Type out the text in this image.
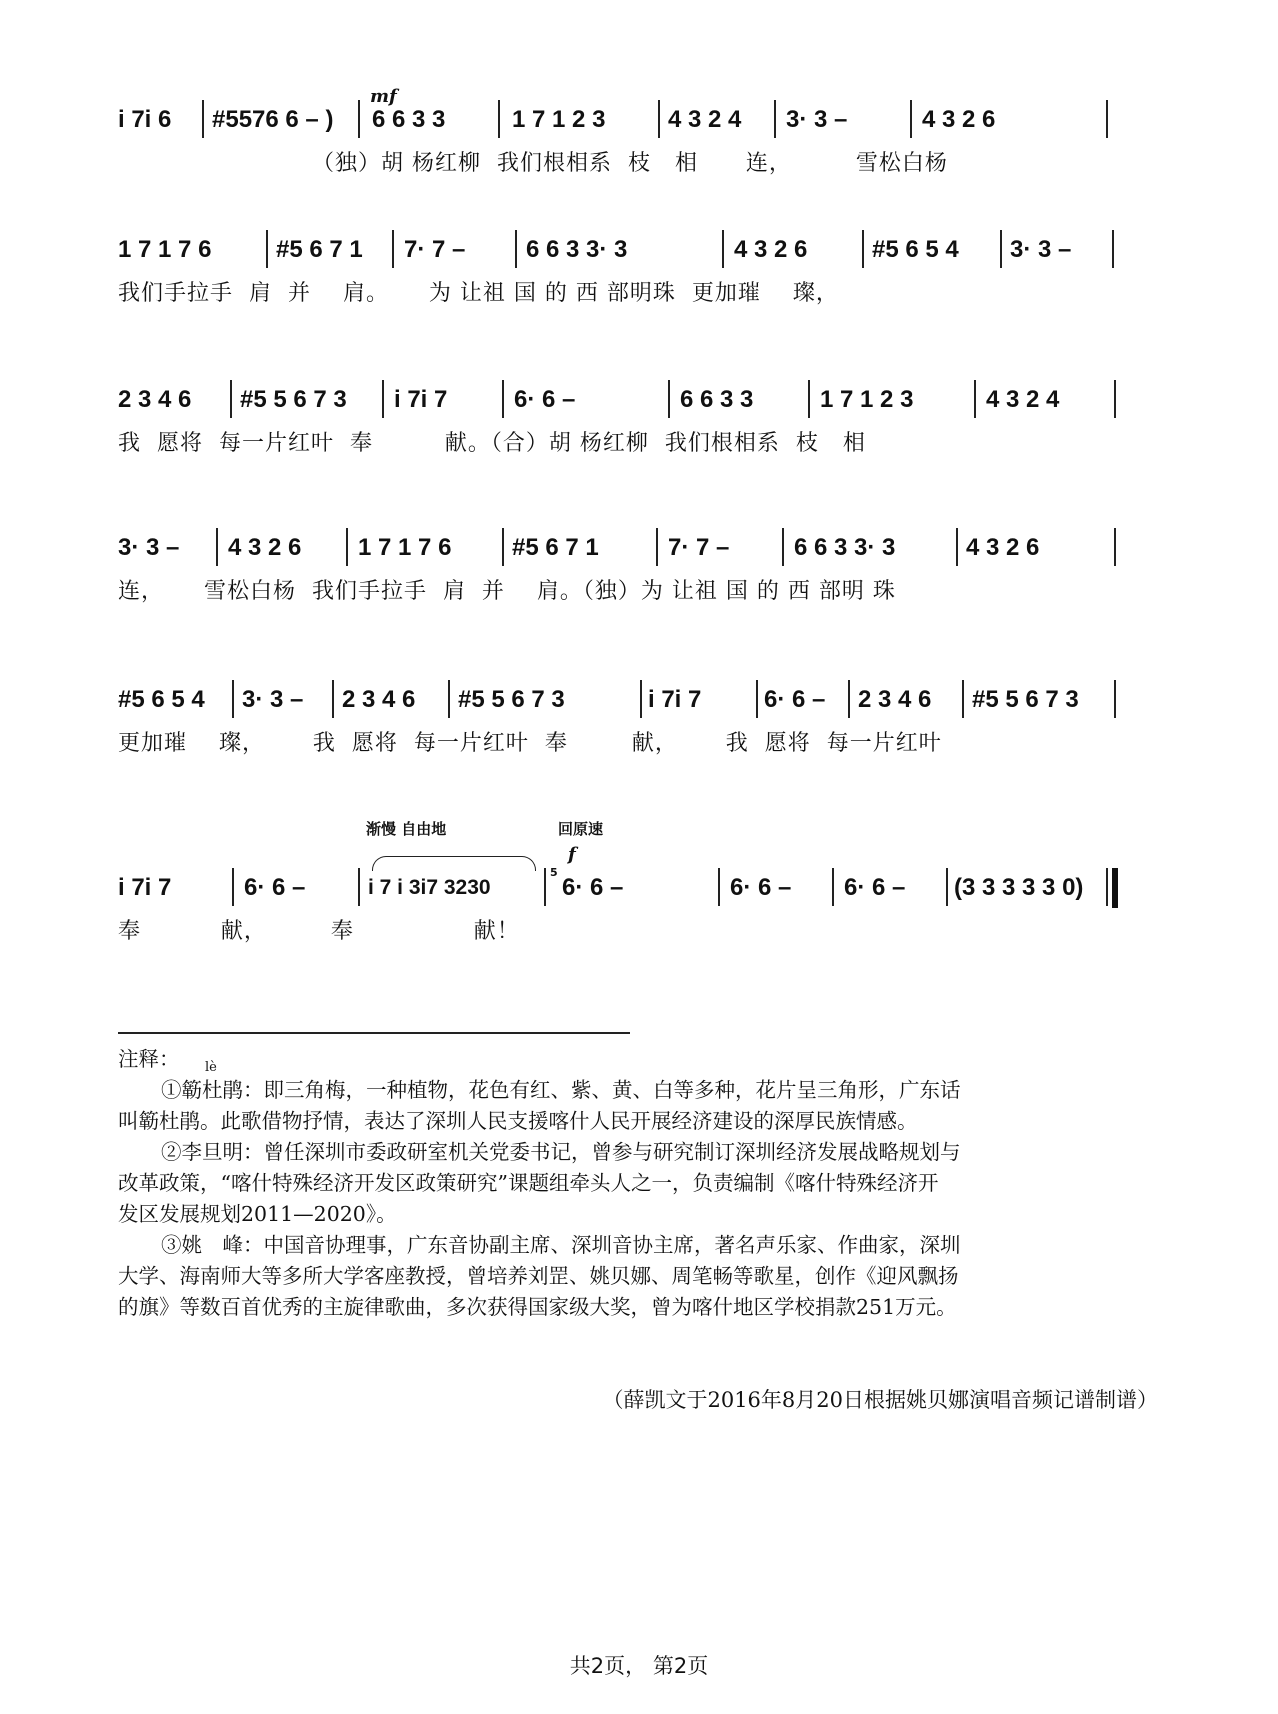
mf
i 7i 6 #5576 6 – ) 6 6 3 3	1 7 1 2 3	4 3 2 4 3· 3 –	4 3 2 6
（独）胡 杨红柳  我们根相系  枝   相      连，        雪松白杨
1 7 1 7 6	#5 6 7 1 7· 7 –	6 6 3 3· 3	4 3 2 6	#5 6 5 4 3· 3 –
我们手拉手  肩  并    肩。     为 让祖 国 的 西 部明珠  更加璀    璨，
2 3 4 6 #5 5 6 7 3 i 7i 7	6· 6 –	6 6 3 3	1 7 1 2 3	4 3 2 4
我  愿将  每一片红叶  奉         献。（合）胡 杨红柳  我们根相系  枝   相
3· 3 – 4 3 2 6 1 7 1 7 6	#5 6 7 1	7· 7 –	6 6 3 3· 3	4 3 2 6
连，     雪松白杨  我们手拉手  肩  并    肩。（独）为 让祖 国 的 西 部明 珠
#5 6 5 4 3· 3 – 2 3 4 6 #5 5 6 7 3	i 7i 7	6· 6 – 2 3 4 6 #5 5 6 7 3
更加璀    璨，      我  愿将  每一片红叶  奉        献，      我  愿将  每一片红叶
渐慢 自由地	回原速
f
i 7i 7	6· 6 –	i 7 i 3i7 3230
5
6· 6 –	6· 6 – 6· 6 – (3 3 3 3 3 0)
奉          献，        奉               献！
lè

注释：

①簕杜鹃：即三角梅，一种植物，花色有红、紫、黄、白等多种，花片呈三角形，广东话

叫簕杜鹃。此歌借物抒情，表达了深圳人民支援喀什人民开展经济建设的深厚民族情感。

②李旦明：曾任深圳市委政研室机关党委书记，曾参与研究制订深圳经济发展战略规划与

改革政策，“喀什特殊经济开发区政策研究”课题组牵头人之一，负责编制《喀什特殊经济开

发区发展规划2011—2020》。

③姚　峰：中国音协理事，广东音协副主席、深圳音协主席，著名声乐家、作曲家，深圳

大学、海南师大等多所大学客座教授，曾培养刘罡、姚贝娜、周笔畅等歌星，创作《迎风飘扬

的旗》等数百首优秀的主旋律歌曲，多次获得国家级大奖，曾为喀什地区学校捐款251万元。

（薛凯文于2016年8月20日根据姚贝娜演唱音频记谱制谱）
共2页， 第2页
